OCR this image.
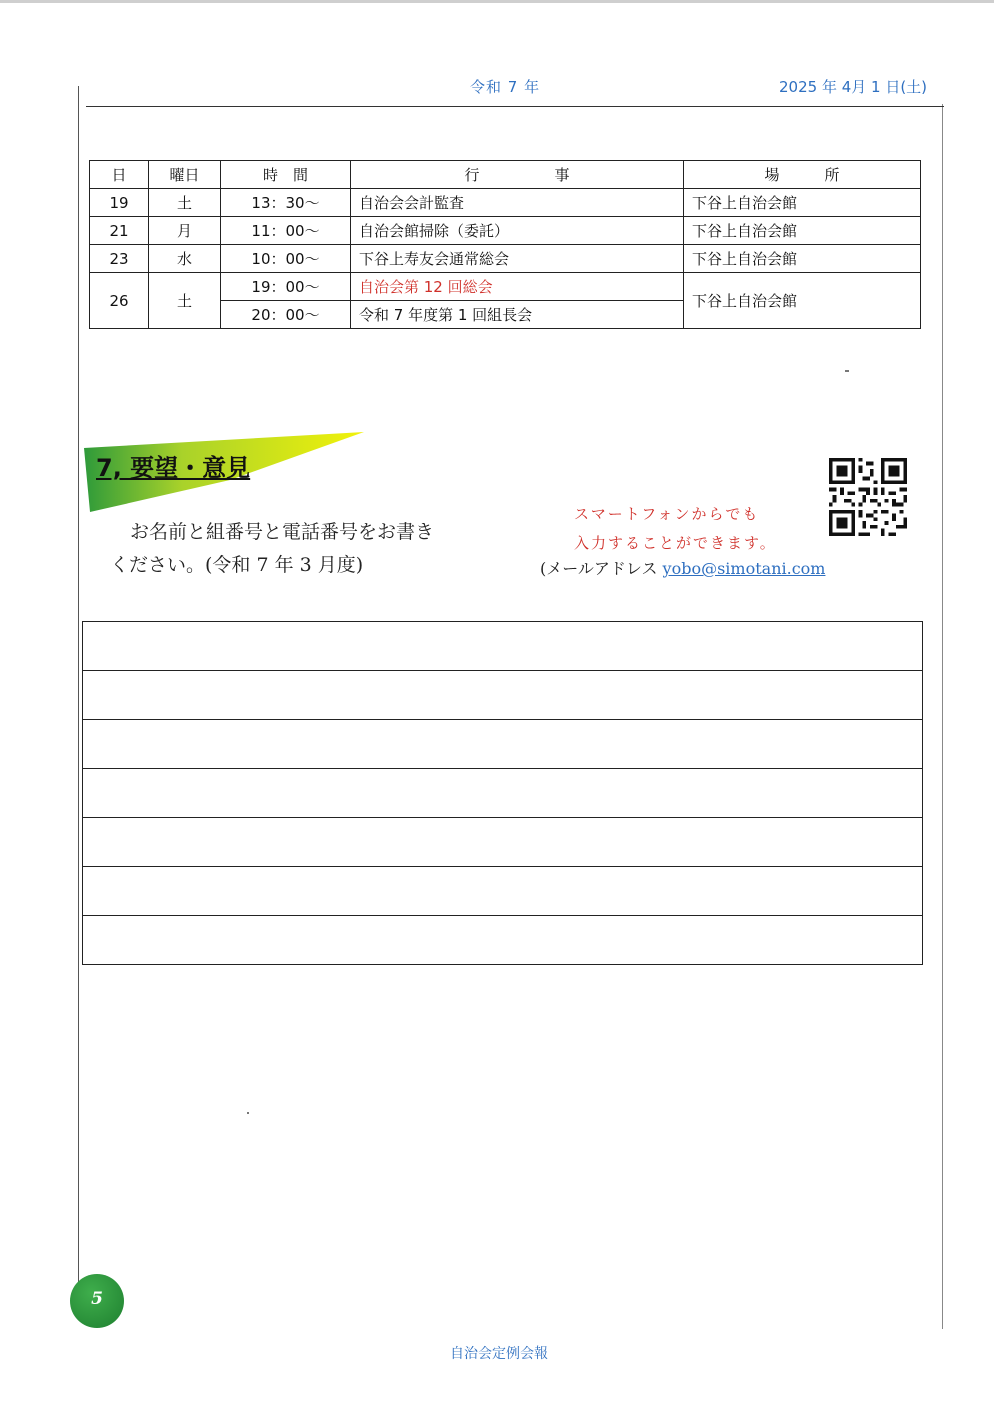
令和 7 年	2025 年 4月 1 日(土)
日	曜日	時　間	行　　　　　事	場　　　所
19	土	13：30〜	自治会会計監査	下谷上自治会館
21	月	11：00〜	自治会館掃除（委託）	下谷上自治会館
23	水	10：00〜	下谷上寿友会通常総会	下谷上自治会館
26	土	19：00〜	自治会第 12 回総会	下谷上自治会館
		20：00〜	令和 7 年度第 1 回組長会	
7, 要望・意見
お名前と組番号と電話番号をお書き
ください。(令和 7 年 3 月度)
スマートフォンからでも
入力することができます。
(メールアドレス yobo@simotani.com
5
自治会定例会報
